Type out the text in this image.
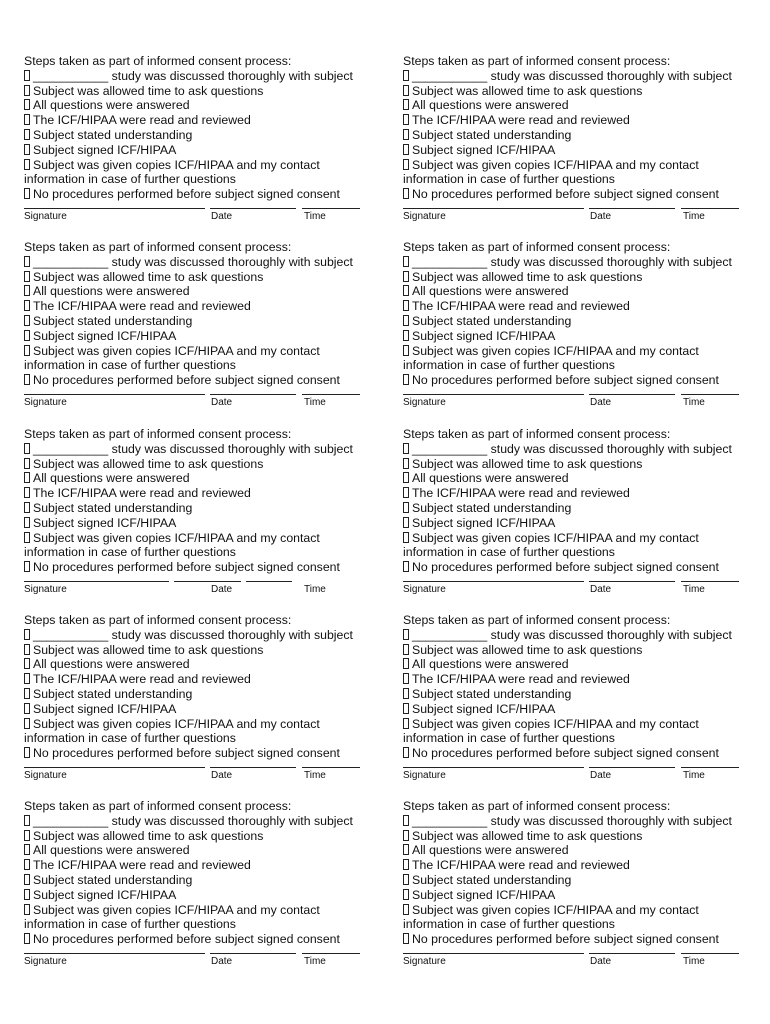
Steps taken as part of informed consent process:

___________ study was discussed thoroughly with subject

Subject was allowed time to ask questions

All questions were answered

The ICF/HIPAA were read and reviewed

Subject stated understanding

Subject signed ICF/HIPAA

Subject was given copies ICF/HIPAA and my contact

information in case of further questions

No procedures performed before subject signed consent

Signature	Date	Time

Steps taken as part of informed consent process:

___________ study was discussed thoroughly with subject

Subject was allowed time to ask questions

All questions were answered

The ICF/HIPAA were read and reviewed

Subject stated understanding

Subject signed ICF/HIPAA

Subject was given copies ICF/HIPAA and my contact

information in case of further questions

No procedures performed before subject signed consent

Signature	Date	Time

Steps taken as part of informed consent process:

___________ study was discussed thoroughly with subject

Subject was allowed time to ask questions

All questions were answered

The ICF/HIPAA were read and reviewed

Subject stated understanding

Subject signed ICF/HIPAA

Subject was given copies ICF/HIPAA and my contact

information in case of further questions

No procedures performed before subject signed consent

Signature	Date	Time

Steps taken as part of informed consent process:

___________ study was discussed thoroughly with subject

Subject was allowed time to ask questions

All questions were answered

The ICF/HIPAA were read and reviewed

Subject stated understanding

Subject signed ICF/HIPAA

Subject was given copies ICF/HIPAA and my contact

information in case of further questions

No procedures performed before subject signed consent

Signature	Date	Time

Steps taken as part of informed consent process:

___________ study was discussed thoroughly with subject

Subject was allowed time to ask questions

All questions were answered

The ICF/HIPAA were read and reviewed

Subject stated understanding

Subject signed ICF/HIPAA

Subject was given copies ICF/HIPAA and my contact

information in case of further questions

No procedures performed before subject signed consent

Signature	Date	Time

Steps taken as part of informed consent process:

___________ study was discussed thoroughly with subject

Subject was allowed time to ask questions

All questions were answered

The ICF/HIPAA were read and reviewed

Subject stated understanding

Subject signed ICF/HIPAA

Subject was given copies ICF/HIPAA and my contact

information in case of further questions

No procedures performed before subject signed consent

Signature	Date	Time

Steps taken as part of informed consent process:

___________ study was discussed thoroughly with subject

Subject was allowed time to ask questions

All questions were answered

The ICF/HIPAA were read and reviewed

Subject stated understanding

Subject signed ICF/HIPAA

Subject was given copies ICF/HIPAA and my contact

information in case of further questions

No procedures performed before subject signed consent

Signature	Date	Time

Steps taken as part of informed consent process:

___________ study was discussed thoroughly with subject

Subject was allowed time to ask questions

All questions were answered

The ICF/HIPAA were read and reviewed

Subject stated understanding

Subject signed ICF/HIPAA

Subject was given copies ICF/HIPAA and my contact

information in case of further questions

No procedures performed before subject signed consent

Signature	Date	Time

Steps taken as part of informed consent process:

___________ study was discussed thoroughly with subject

Subject was allowed time to ask questions

All questions were answered

The ICF/HIPAA were read and reviewed

Subject stated understanding

Subject signed ICF/HIPAA

Subject was given copies ICF/HIPAA and my contact

information in case of further questions

No procedures performed before subject signed consent

Signature	Date	Time

Steps taken as part of informed consent process:

___________ study was discussed thoroughly with subject

Subject was allowed time to ask questions

All questions were answered

The ICF/HIPAA were read and reviewed

Subject stated understanding

Subject signed ICF/HIPAA

Subject was given copies ICF/HIPAA and my contact

information in case of further questions

No procedures performed before subject signed consent

Signature	Date	Time
